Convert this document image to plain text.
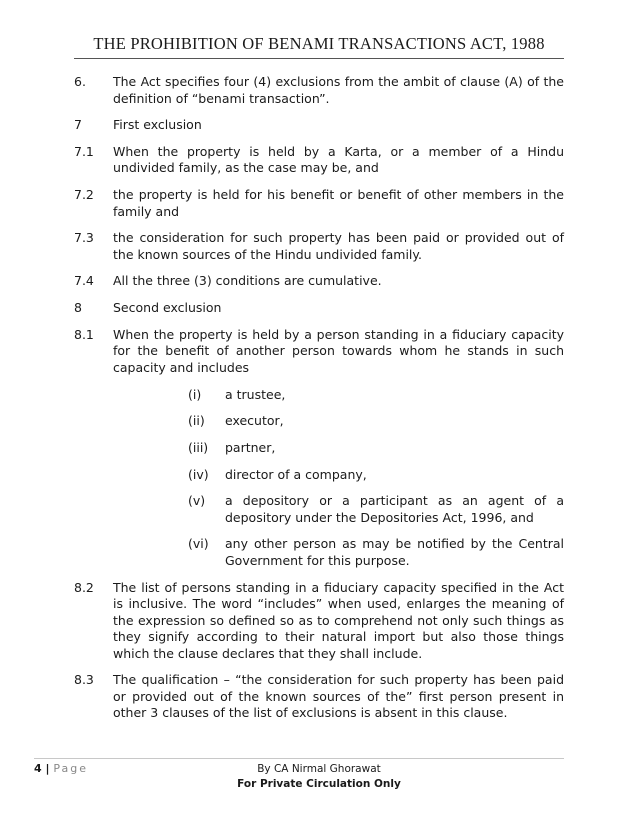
THE PROHIBITION OF BENAMI TRANSACTIONS ACT, 1988
6.	The Act specifies four (4) exclusions from the ambit of clause (A) of the definition of “benami transaction”.
7	First exclusion
7.1	When the property is held by a Karta, or a member of a Hindu undivided family, as the case may be, and
7.2	the property is held for his benefit or benefit of other members in the family and
7.3	the consideration for such property has been paid or provided out of the known sources of the Hindu undivided family.
7.4	All the three (3) conditions are cumulative.
8	Second exclusion
8.1	When the property is held by a person standing in a fiduciary capacity for the benefit of another person towards whom he stands in such capacity and includes
(i)	a trustee,
(ii)	executor,
(iii)	partner,
(iv)	director of a company,
(v)	a depository or a participant as an agent of a depository under the Depositories Act, 1996, and
(vi)	any other person as may be notified by the Central Government for this purpose.
8.2	The list of persons standing in a fiduciary capacity specified in the Act is inclusive. The word “includes” when used, enlarges the meaning of the expression so defined so as to comprehend not only such things as they signify according to their natural import but also those things which the clause declares that they shall include.
8.3	The qualification – “the consideration for such property has been paid or provided out of the known sources of the” first person present in other 3 clauses of the list of exclusions is absent in this clause.
4 | Page	By CA Nirmal Ghorawat
For Private Circulation Only
